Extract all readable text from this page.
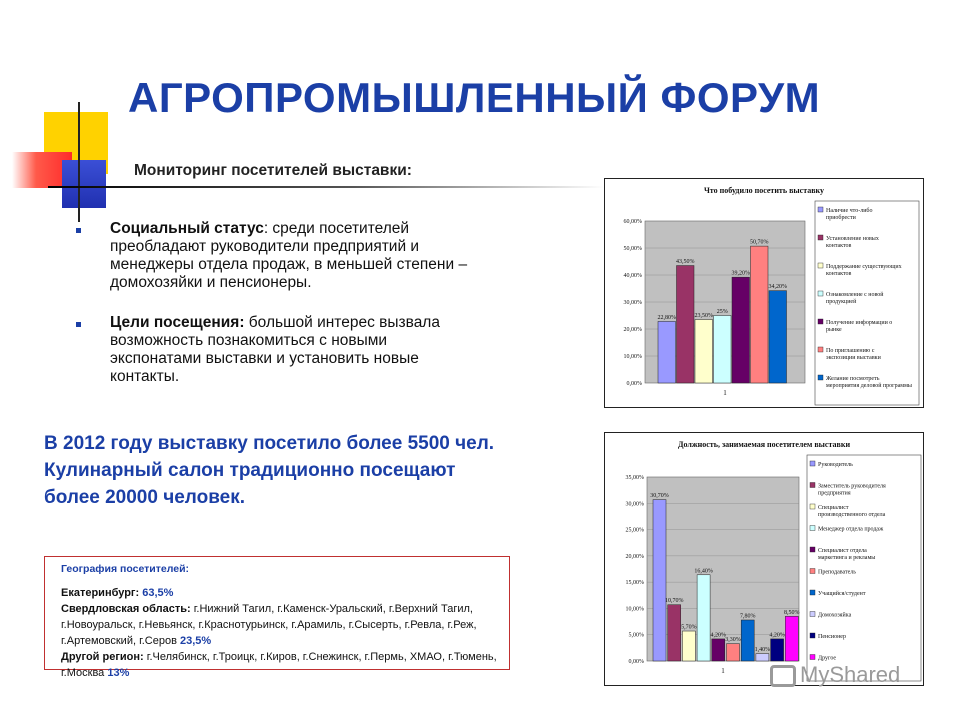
АГРОПРОМЫШЛЕННЫЙ ФОРУМ
Мониторинг посетителей выставки:
Социальный статус: среди посетителей преобладают руководители предприятий и менеджеры отдела продаж, в меньшей степени – домохозяйки и пенсионеры.
Цели посещения: большой интерес вызвала возможность познакомиться с новыми экспонатами выставки и установить новые контакты.
В 2012 году выставку посетило более 5500 чел.
Кулинарный салон традиционно посещают
более 20000 человек.
География посетителей:
Екатеринбург: 63,5%
Свердловская область: г.Нижний Тагил, г.Каменск-Уральский, г.Верхний Тагил, г.Новоуральск, г.Невьянск, г.Краснотурьинск, г.Арамиль, г.Сысерть, г.Ревла, г.Реж, г.Артемовский, г.Серов 23,5%
Другой регион: г.Челябинск, г.Троицк, г.Киров, г.Снежинск, г.Пермь, ХМАО, г.Тюмень, г.Москва 13%
Что побудило посетить выставку
0,00%
10,00%
20,00%
30,00%
40,00%
50,00%
60,00%
22,80%
43,50%
23,50%
25%
39,20%
50,70%
34,20%
1
Наличие что-либо приобрести
Установление новых контактов
Поддержание существующих контактов
Ознакомление с новой продукцией
Получение информации о рынке
По приглашению с экспозиции выставки
Желание посмотреть мероприятия деловой программы
Должность, занимаемая посетителем выставки
0,00%
5,00%
10,00%
15,00%
20,00%
25,00%
30,00%
35,00%
30,70%
10,70%
5,70%
16,40%
4,20%
3,30%
7,80%
1,40%
4,20%
8,50%
1
Руководитель
Заместитель руководителя предприятия
Специалист производственного отдела
Менеджер отдела продаж
Специалист отдела маркетинга и рекламы
Преподаватель
Учащийся/студент
Домохозяйка
Пенсионер
Другое
MyShared
